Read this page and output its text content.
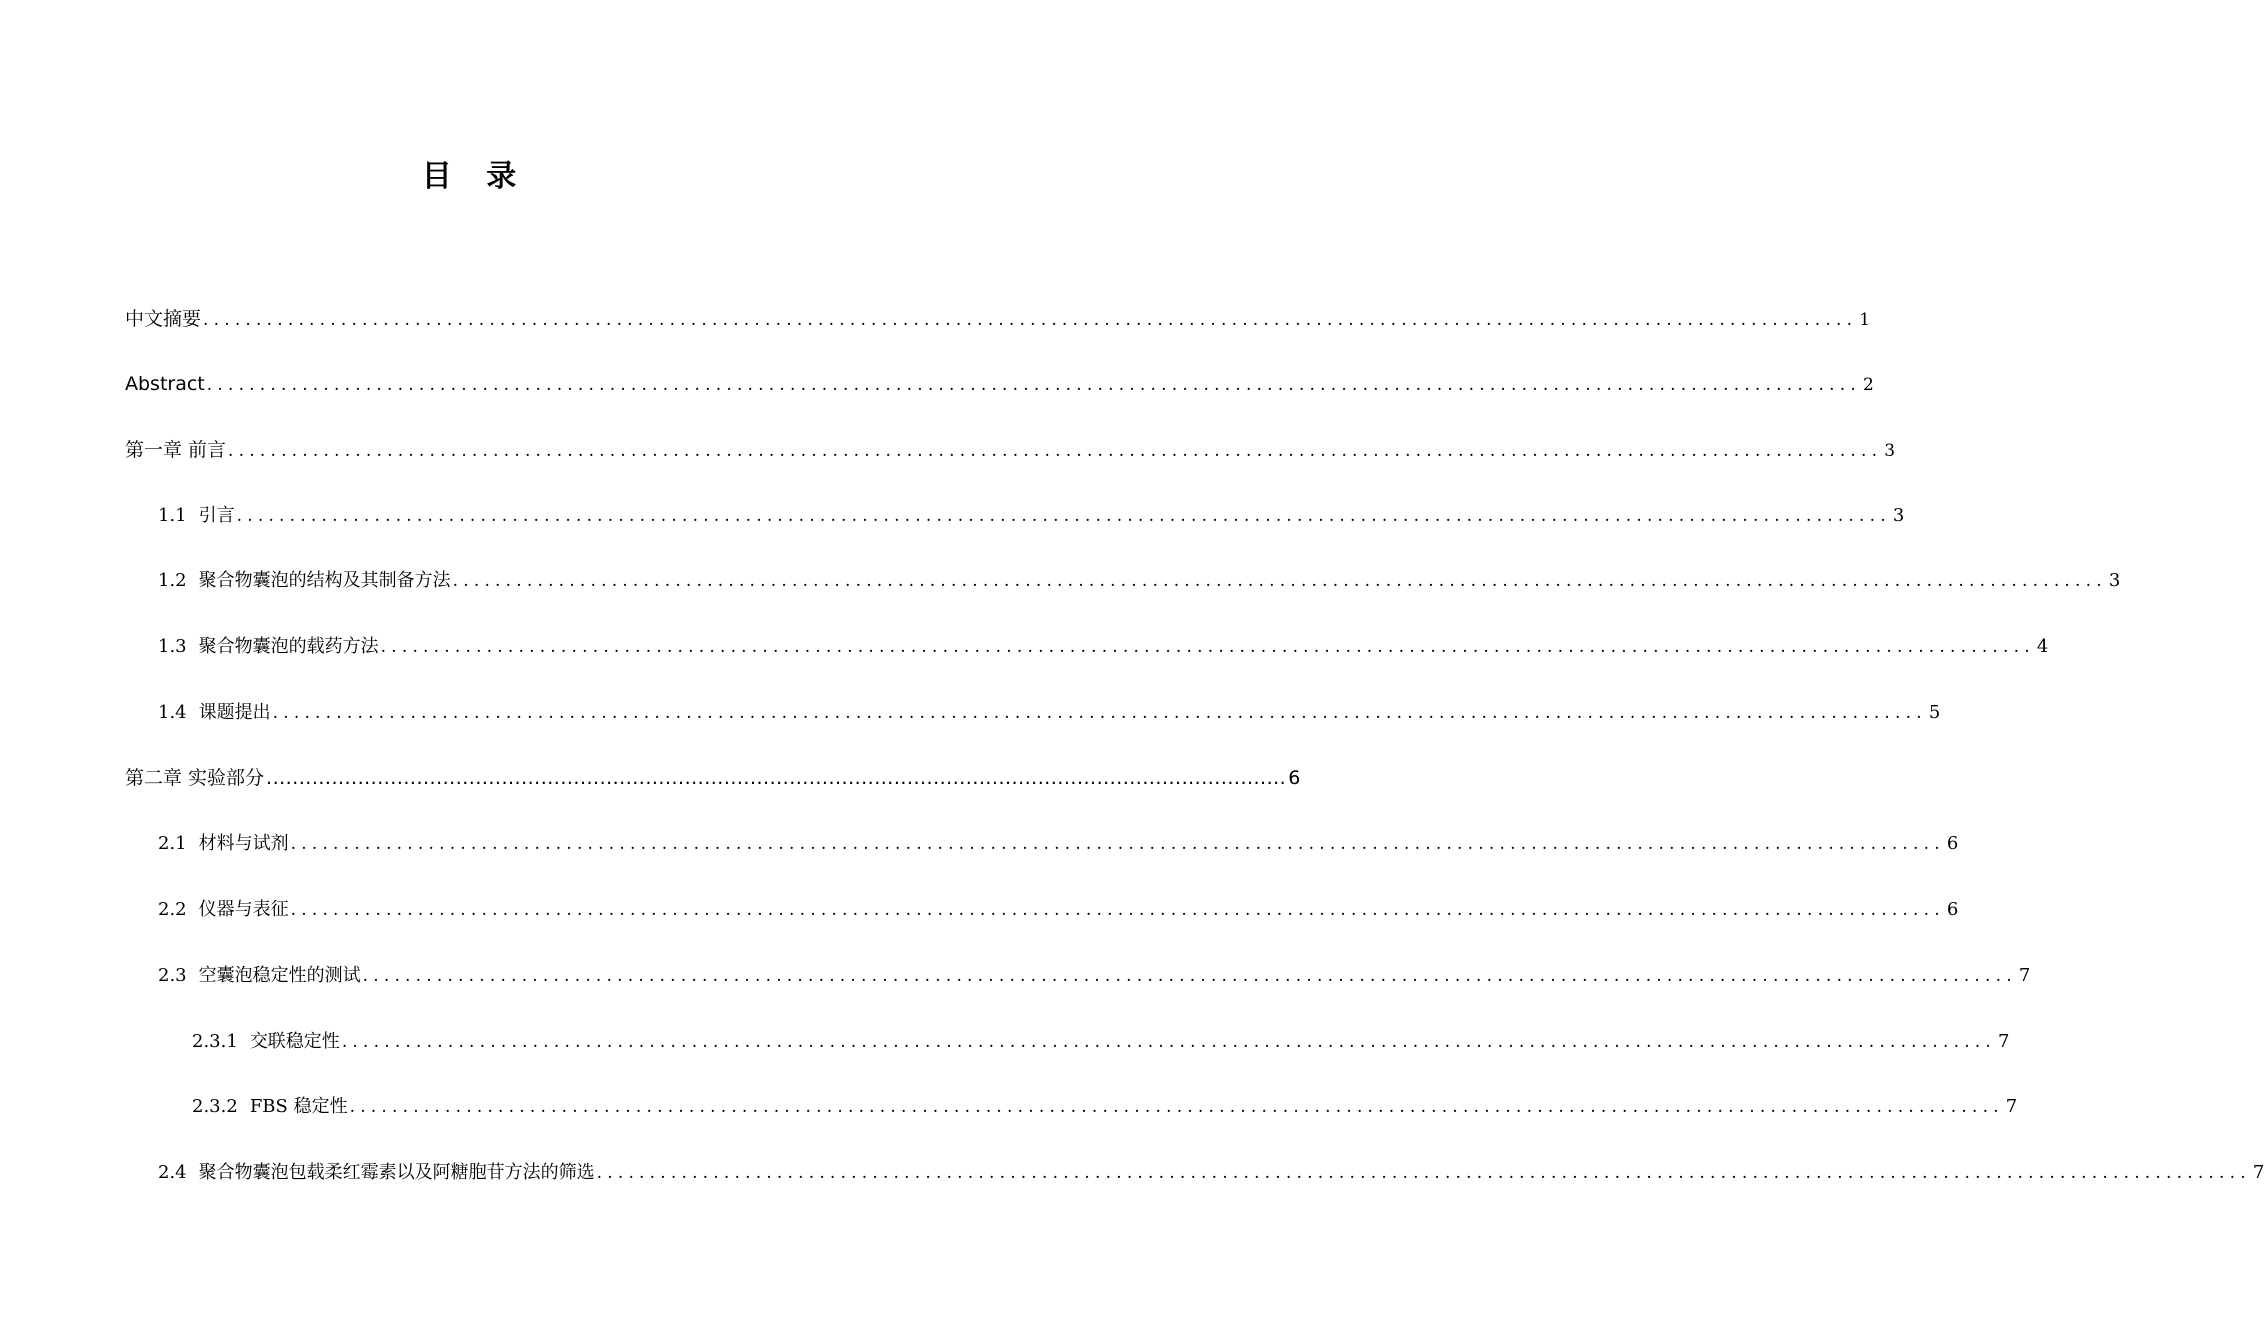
目 录
中文摘要 ............................................................................................................................................................ 1
Abstract ............................................................................................................................................................ 2
第一章 前言 ............................................................................................................................................................ 3
1.1 引言 ............................................................................................................................................................ 3
1.2 聚合物囊泡的结构及其制备方法 ............................................................................................................................................................ 3
1.3 聚合物囊泡的载药方法 ............................................................................................................................................................ 4
1.4 课题提出 ............................................................................................................................................................ 5
第二章 实验部分 ............................................................................................................................................................ 6
2.1 材料与试剂 ............................................................................................................................................................ 6
2.2 仪器与表征 ............................................................................................................................................................ 6
2.3 空囊泡稳定性的测试 ............................................................................................................................................................ 7
2.3.1 交联稳定性 ............................................................................................................................................................ 7
2.3.2 FBS 稳定性 ............................................................................................................................................................ 7
2.4 聚合物囊泡包载柔红霉素以及阿糖胞苷方法的筛选 ............................................................................................................................................................ 7
